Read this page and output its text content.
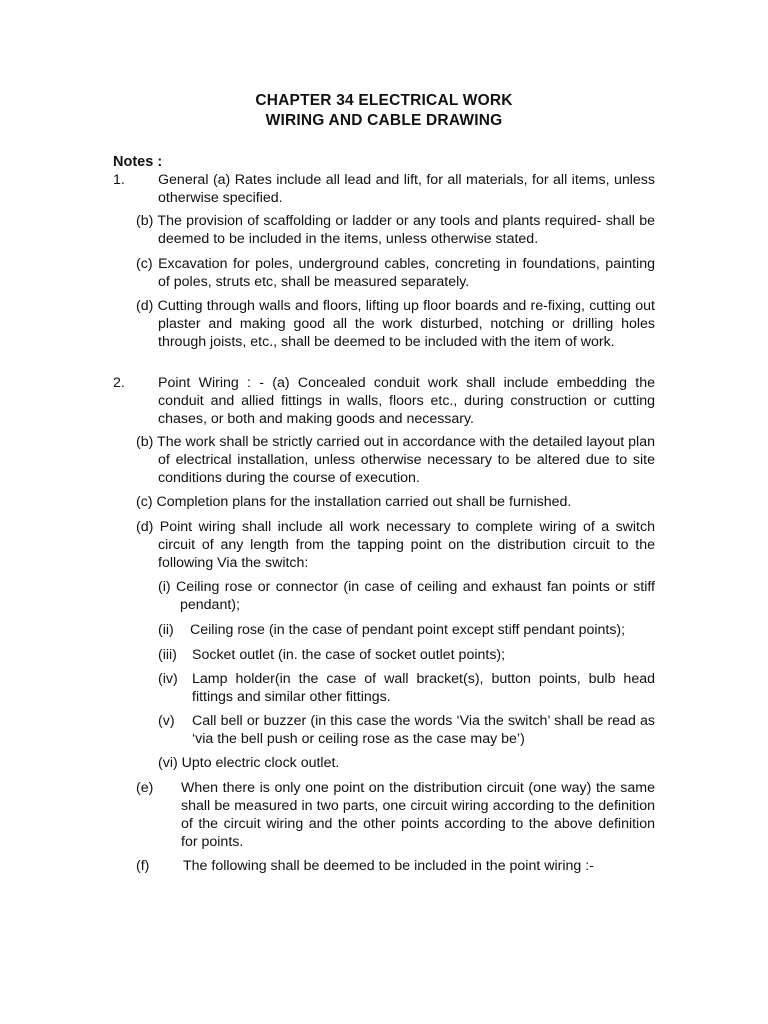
CHAPTER 34 ELECTRICAL WORK
WIRING AND CABLE DRAWING
Notes :
1. General (a) Rates include all lead and lift, for all materials, for all items, unless otherwise specified.
(b) The provision of scaffolding or ladder or any tools and plants required- shall be deemed to be included in the items, unless otherwise stated.
(c) Excavation for poles, underground cables, concreting in foundations, painting of poles, struts etc, shall be measured separately.
(d) Cutting through walls and floors, lifting up floor boards and re-fixing, cutting out plaster and making good all the work disturbed, notching or drilling holes through joists, etc., shall be deemed to be included with the item of work.
2. Point Wiring : - (a) Concealed conduit work shall include embedding the conduit and allied fittings in walls, floors etc., during construction or cutting chases, or both and making goods and necessary.
(b) The work shall be strictly carried out in accordance with the detailed layout plan of electrical installation, unless otherwise necessary to be altered due to site conditions during the course of execution.
(c) Completion plans for the installation carried out shall be furnished.
(d) Point wiring shall include all work necessary to complete wiring of a switch circuit of any length from the tapping point on the distribution circuit to the following Via the switch:
(i) Ceiling rose or connector (in case of ceiling and exhaust fan points or stiff pendant);
(ii) Ceiling rose (in the case of pendant point except stiff pendant points);
(iii) Socket outlet (in. the case of socket outlet points);
(iv) Lamp holder(in the case of wall bracket(s), button points, bulb head fittings and similar other fittings.
(v) Call bell or buzzer (in this case the words ‘Via the switch’ shall be read as ‘via the bell push or ceiling rose as the case may be’)
(vi) Upto electric clock outlet.
(e) When there is only one point on the distribution circuit (one way) the same shall be measured in two parts, one circuit wiring according to the definition of the circuit wiring and the other points according to the above definition for points.
(f) The following shall be deemed to be included in the point wiring :-
